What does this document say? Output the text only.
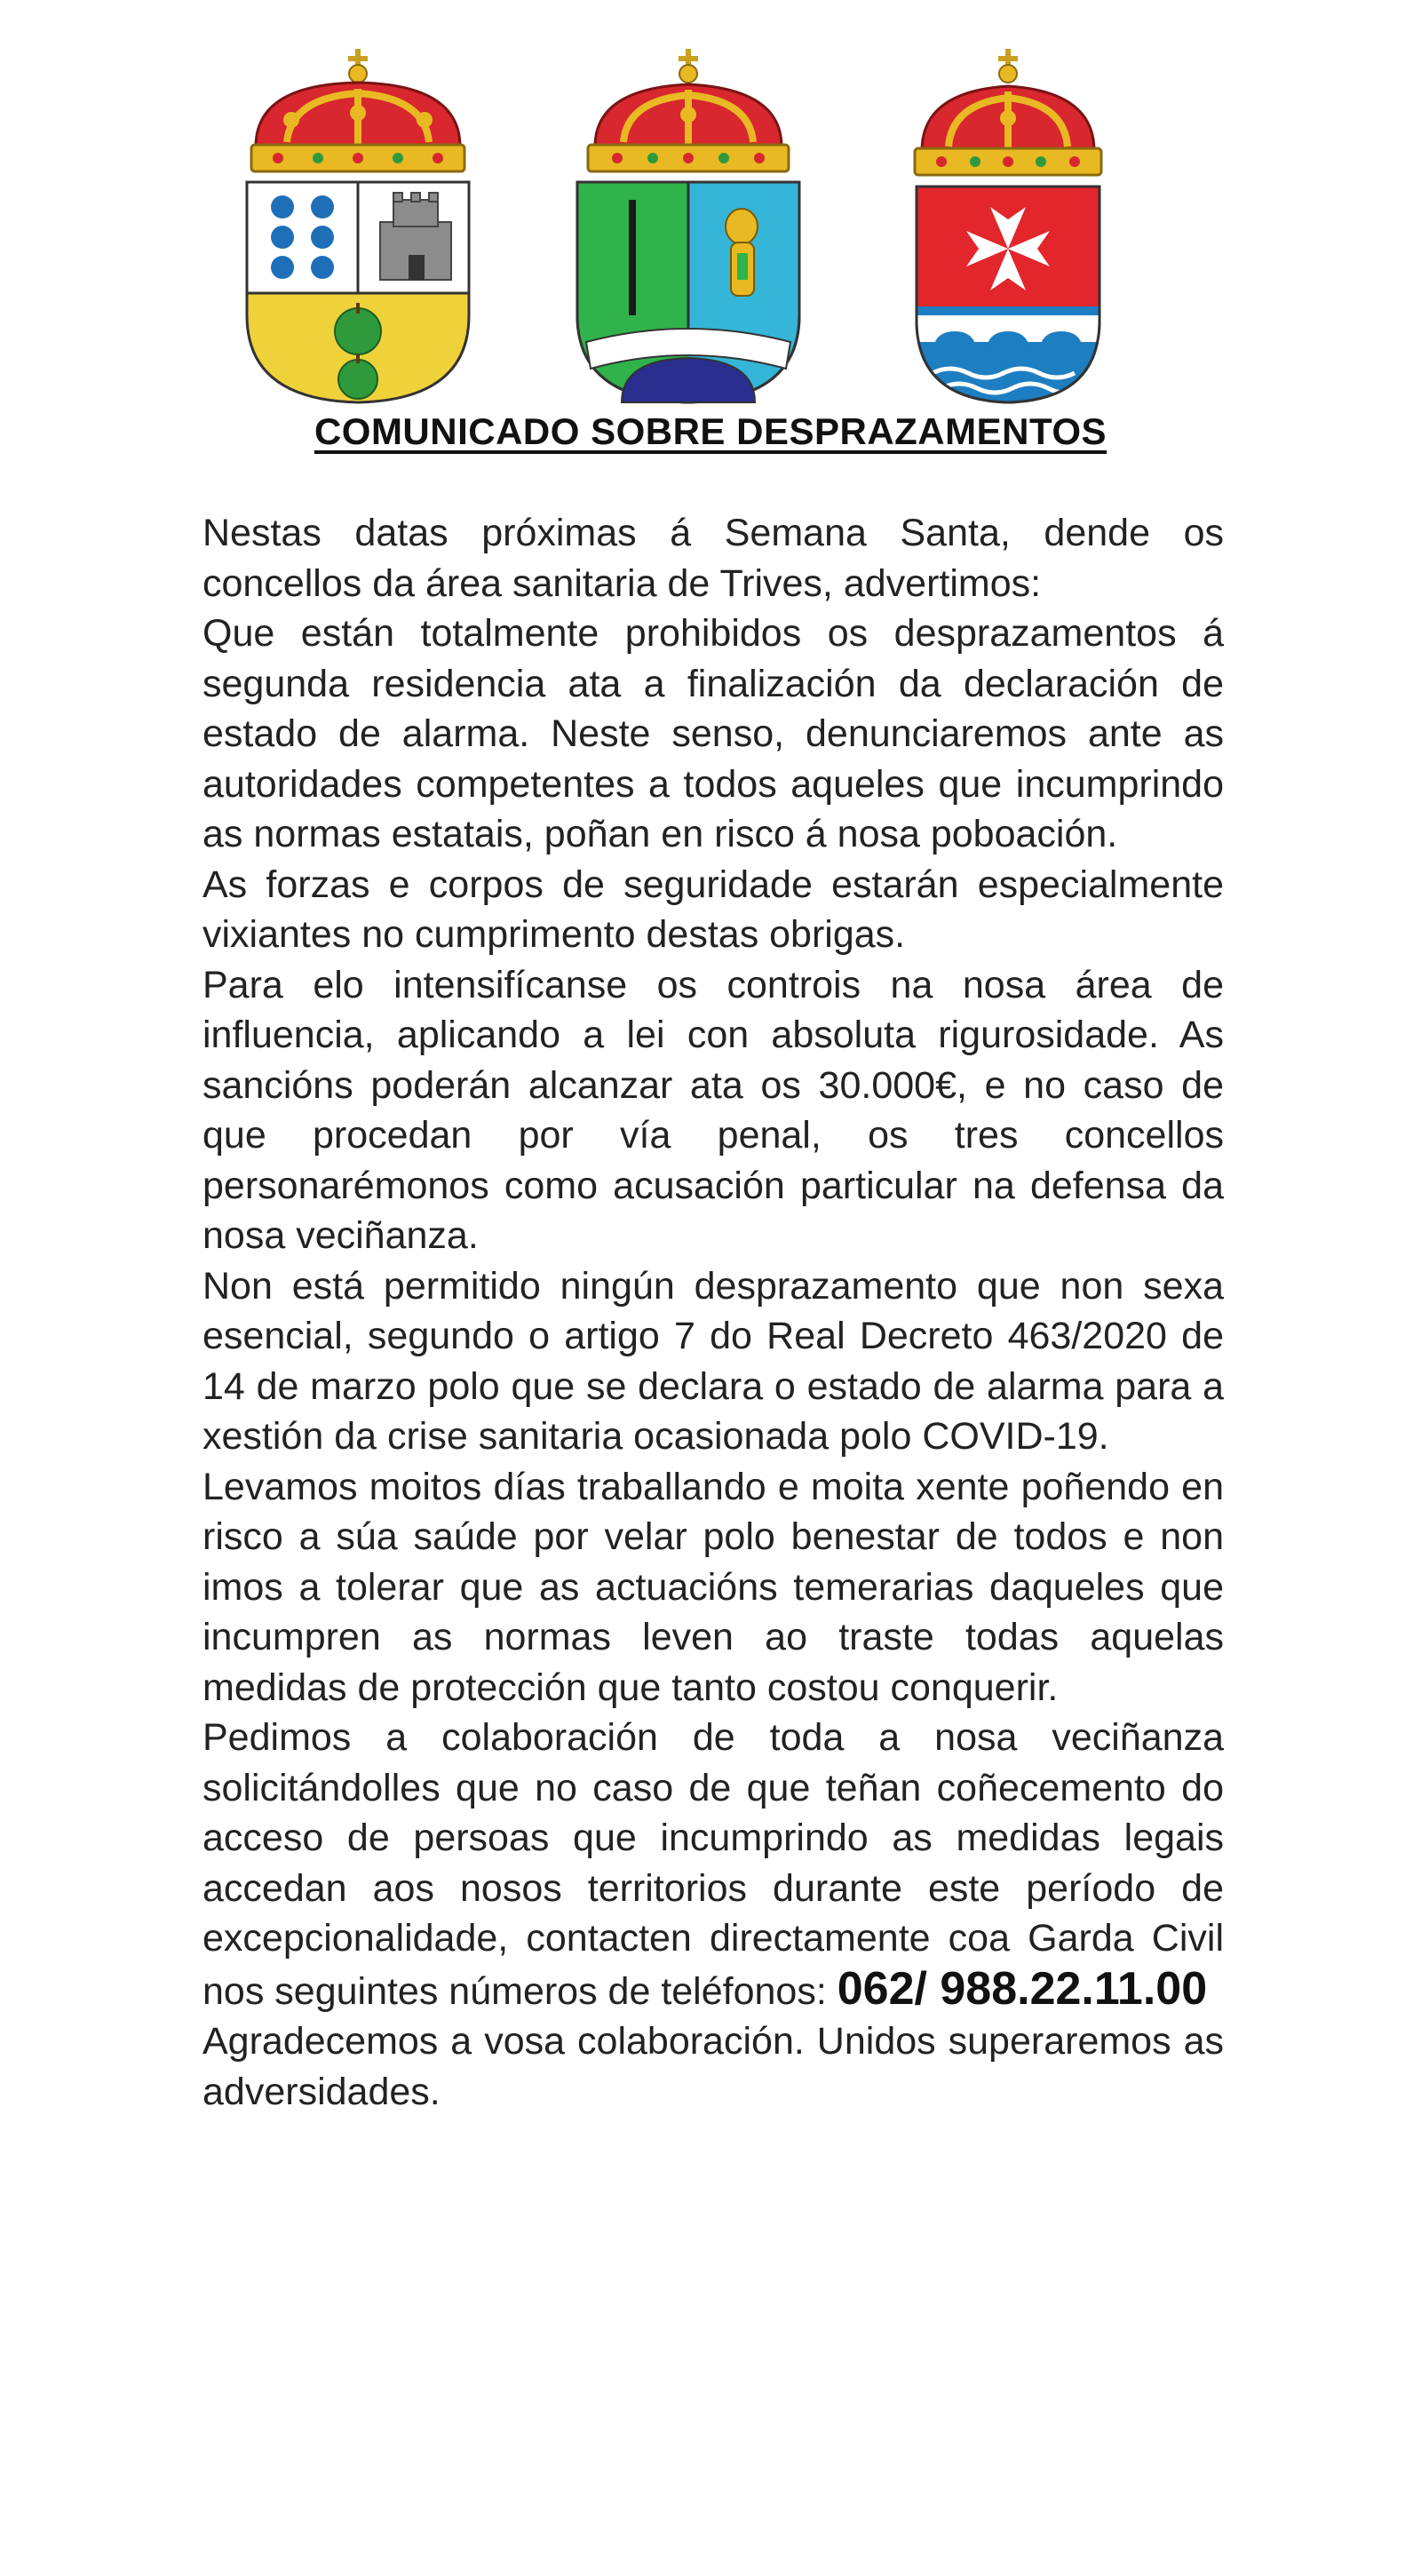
COMUNICADO SOBRE DESPRAZAMENTOS

Nestas datas próximas á Semana Santa, dende os concellos da área sanitaria de Trives, advertimos:

Que están totalmente prohibidos os desprazamentos á segunda residencia ata a finalización da declaración de estado de alarma. Neste senso, denunciaremos ante as autoridades competentes a todos aqueles que incumprindo as normas estatais, poñan en risco á nosa poboación.

As forzas e corpos de seguridade estarán especialmente vixiantes no cumprimento destas obrigas.

Para elo intensifícanse os controis na nosa área de influencia, aplicando a lei con absoluta rigurosidade. As sancións poderán alcanzar ata os 30.000€, e no caso de que procedan por vía penal, os tres concellos personarémonos como acusación particular na defensa da nosa veciñanza.

Non está permitido ningún desprazamento que non sexa esencial, segundo o artigo 7 do Real Decreto 463/2020 de 14 de marzo polo que se declara o estado de alarma para a xestión da crise sanitaria ocasionada polo COVID-19.

Levamos moitos días traballando e moita xente poñendo en risco a súa saúde por velar polo benestar de todos e non imos a tolerar que as actuacións temerarias daqueles que incumpren as normas leven ao traste todas aquelas medidas de protección que tanto costou conquerir.

Pedimos a colaboración de toda a nosa veciñanza solicitándolles que no caso de que teñan coñecemento do acceso de persoas que incumprindo as medidas legais accedan aos nosos territorios durante este período de excepcionalidade, contacten directamente coa Garda Civil nos seguintes números de teléfonos: 062/ 988.22.11.00

Agradecemos a vosa colaboración. Unidos superaremos as adversidades.
